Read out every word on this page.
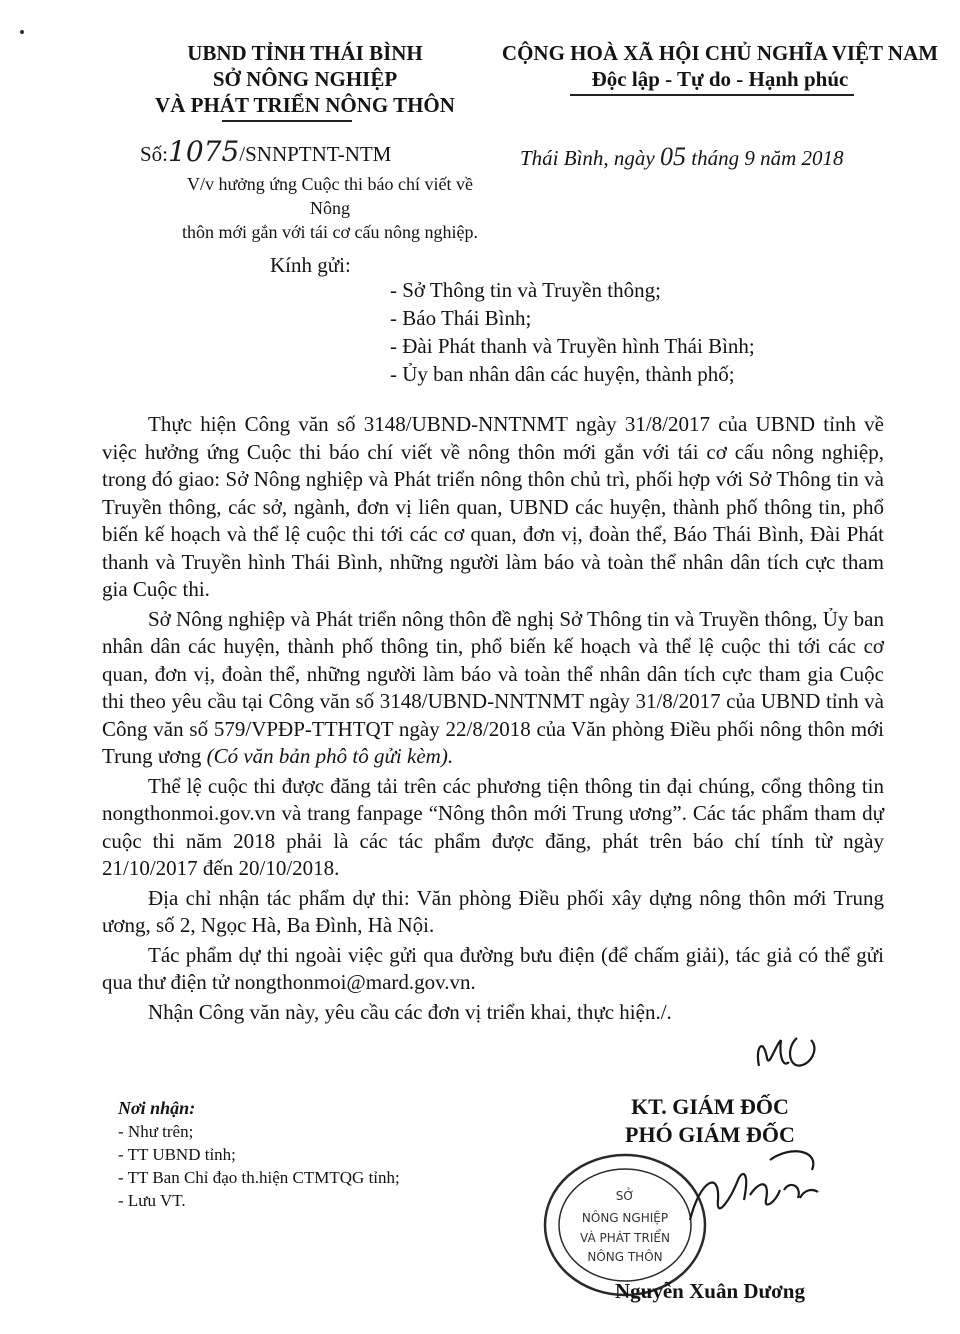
UBND TỈNH THÁI BÌNH
SỞ NÔNG NGHIỆP
VÀ PHÁT TRIỂN NÔNG THÔN
CỘNG HOÀ XÃ HỘI CHỦ NGHĨA VIỆT NAM
Độc lập - Tự do - Hạnh phúc
Số:1075/SNNPTNT-NTM	Thái Bình, ngày 05 tháng 9 năm 2018
V/v hưởng ứng Cuộc thi báo chí viết về Nông
thôn mới gắn với tái cơ cấu nông nghiệp.
Kính gửi:
- Sở Thông tin và Truyền thông;
- Báo Thái Bình;
- Đài Phát thanh và Truyền hình Thái Bình;
- Ủy ban nhân dân các huyện, thành phố;

Thực hiện Công văn số 3148/UBND-NNTNMT ngày 31/8/2017 của UBND tỉnh về việc hưởng ứng Cuộc thi báo chí viết về nông thôn mới gắn với tái cơ cấu nông nghiệp, trong đó giao: Sở Nông nghiệp và Phát triển nông thôn chủ trì, phối hợp với Sở Thông tin và Truyền thông, các sở, ngành, đơn vị liên quan, UBND các huyện, thành phố thông tin, phổ biến kế hoạch và thể lệ cuộc thi tới các cơ quan, đơn vị, đoàn thể, Báo Thái Bình, Đài Phát thanh và Truyền hình Thái Bình, những người làm báo và toàn thể nhân dân tích cực tham gia Cuộc thi.

Sở Nông nghiệp và Phát triển nông thôn đề nghị Sở Thông tin và Truyền thông, Ủy ban nhân dân các huyện, thành phố thông tin, phổ biến kế hoạch và thể lệ cuộc thi tới các cơ quan, đơn vị, đoàn thể, những người làm báo và toàn thể nhân dân tích cực tham gia Cuộc thi theo yêu cầu tại Công văn số 3148/UBND-NNTNMT ngày 31/8/2017 của UBND tỉnh và Công văn số 579/VPĐP-TTHTQT ngày 22/8/2018 của Văn phòng Điều phối nông thôn mới Trung ương (Có văn bản phô tô gửi kèm).

Thể lệ cuộc thi được đăng tải trên các phương tiện thông tin đại chúng, cổng thông tin nongthonmoi.gov.vn và trang fanpage “Nông thôn mới Trung ương”. Các tác phẩm tham dự cuộc thi năm 2018 phải là các tác phẩm được đăng, phát trên báo chí tính từ ngày 21/10/2017 đến 20/10/2018.

Địa chỉ nhận tác phẩm dự thi: Văn phòng Điều phối xây dựng nông thôn mới Trung ương, số 2, Ngọc Hà, Ba Đình, Hà Nội.

Tác phẩm dự thi ngoài việc gửi qua đường bưu điện (để chấm giải), tác giả có thể gửi qua thư điện tử nongthonmoi@mard.gov.vn.

Nhận Công văn này, yêu cầu các đơn vị triển khai, thực hiện./.

Nơi nhận:
- Như trên;
- TT UBND tỉnh;
- TT Ban Chỉ đạo th.hiện CTMTQG tỉnh;
- Lưu VT.
KT. GIÁM ĐỐC
PHÓ GIÁM ĐỐC
SỞ
NÔNG NGHIỆP
VÀ PHÁT TRIỂN
NÔNG THÔN
Nguyễn Xuân Dương
